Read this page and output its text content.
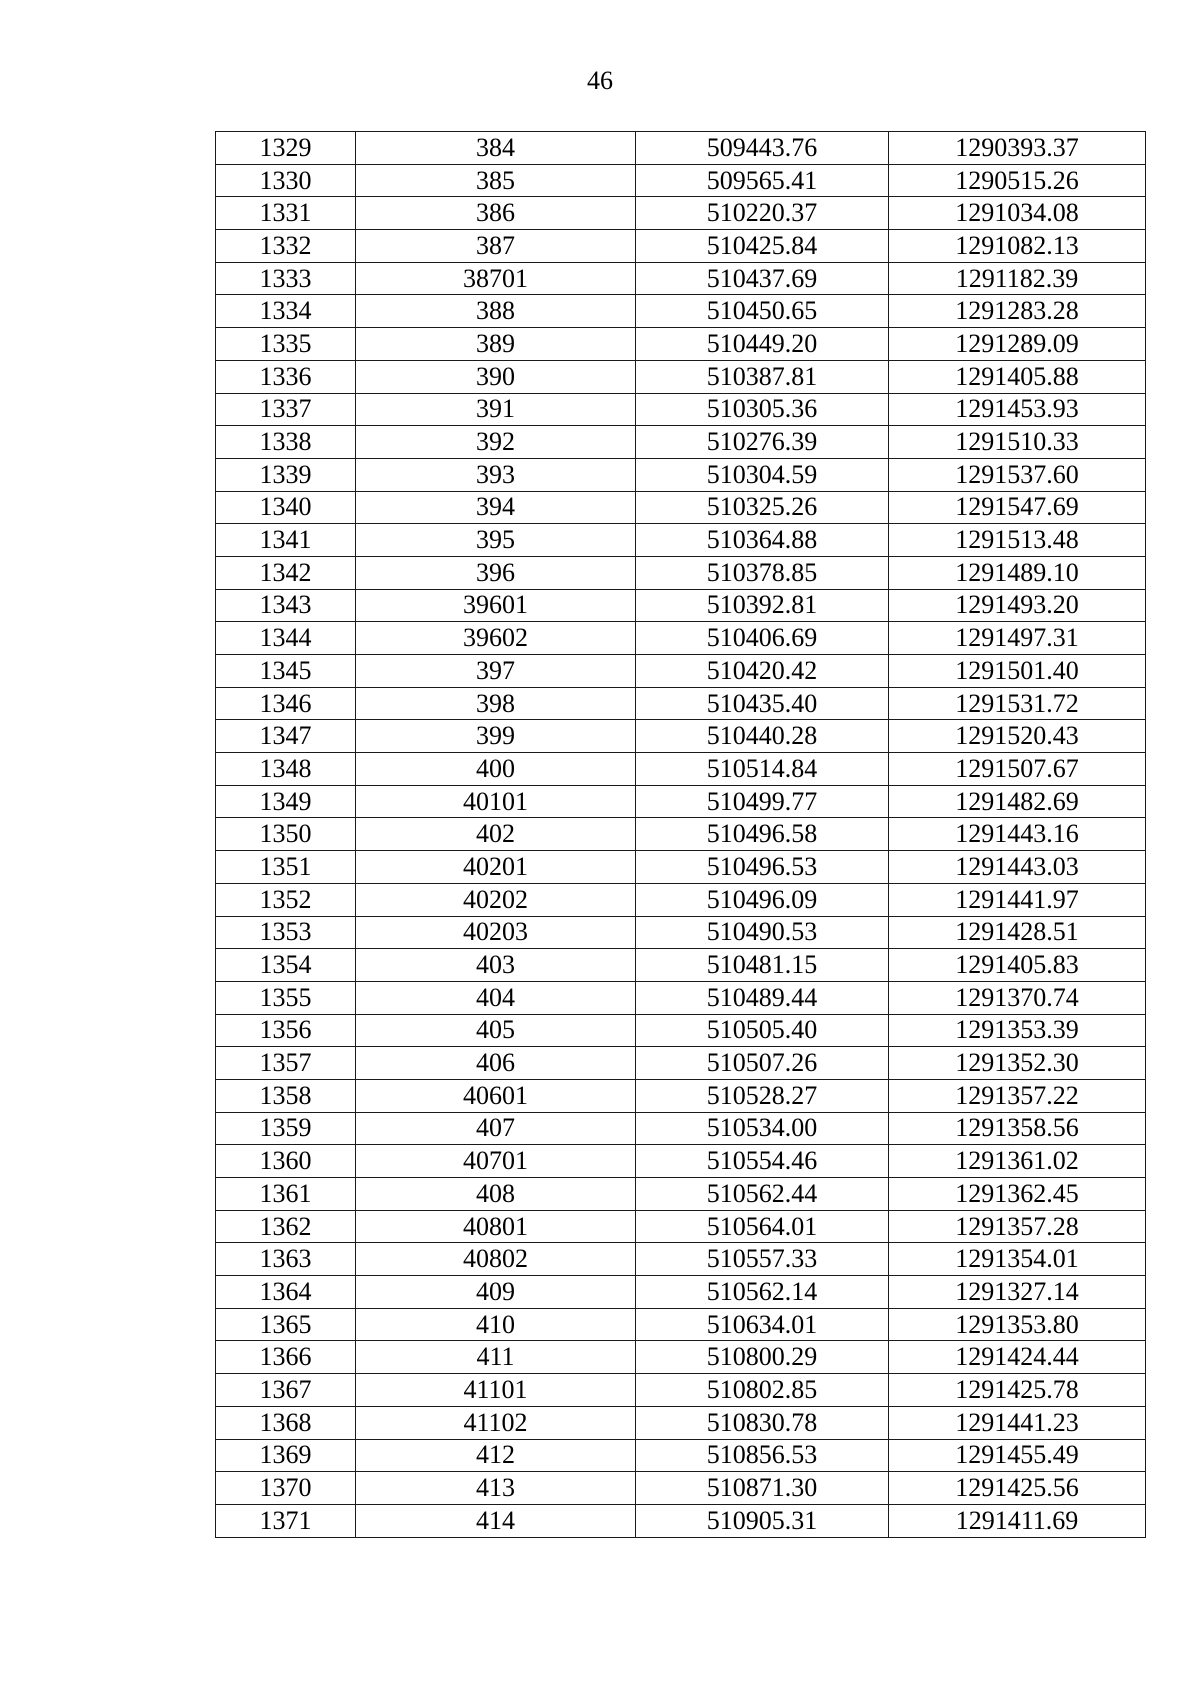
46
1329	384	509443.76	1290393.37
1330	385	509565.41	1290515.26
1331	386	510220.37	1291034.08
1332	387	510425.84	1291082.13
1333	38701	510437.69	1291182.39
1334	388	510450.65	1291283.28
1335	389	510449.20	1291289.09
1336	390	510387.81	1291405.88
1337	391	510305.36	1291453.93
1338	392	510276.39	1291510.33
1339	393	510304.59	1291537.60
1340	394	510325.26	1291547.69
1341	395	510364.88	1291513.48
1342	396	510378.85	1291489.10
1343	39601	510392.81	1291493.20
1344	39602	510406.69	1291497.31
1345	397	510420.42	1291501.40
1346	398	510435.40	1291531.72
1347	399	510440.28	1291520.43
1348	400	510514.84	1291507.67
1349	40101	510499.77	1291482.69
1350	402	510496.58	1291443.16
1351	40201	510496.53	1291443.03
1352	40202	510496.09	1291441.97
1353	40203	510490.53	1291428.51
1354	403	510481.15	1291405.83
1355	404	510489.44	1291370.74
1356	405	510505.40	1291353.39
1357	406	510507.26	1291352.30
1358	40601	510528.27	1291357.22
1359	407	510534.00	1291358.56
1360	40701	510554.46	1291361.02
1361	408	510562.44	1291362.45
1362	40801	510564.01	1291357.28
1363	40802	510557.33	1291354.01
1364	409	510562.14	1291327.14
1365	410	510634.01	1291353.80
1366	411	510800.29	1291424.44
1367	41101	510802.85	1291425.78
1368	41102	510830.78	1291441.23
1369	412	510856.53	1291455.49
1370	413	510871.30	1291425.56
1371	414	510905.31	1291411.69
